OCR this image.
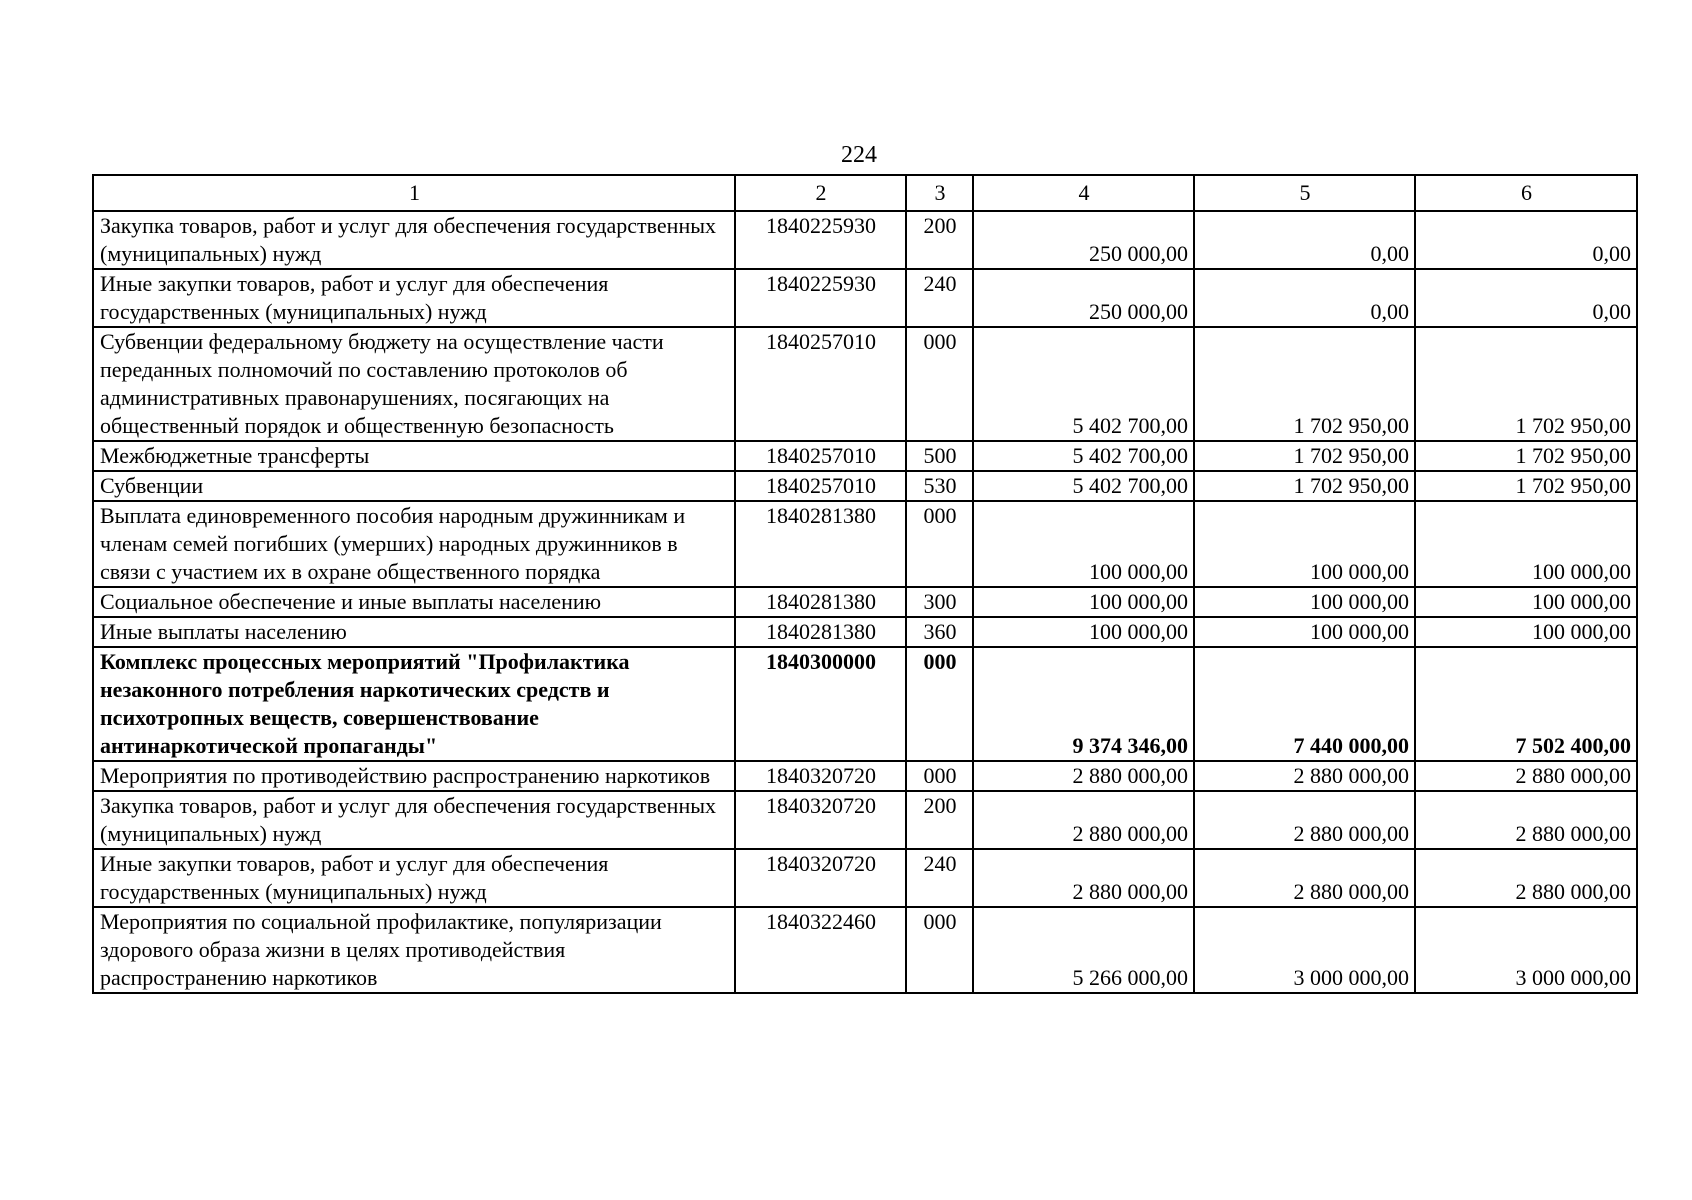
224
1	2	3	4	5	6
Закупка товаров, работ и услуг для обеспечения государственных (муниципальных) нужд	1840225930	200	250 000,00	0,00	0,00
Иные закупки товаров, работ и услуг для обеспечения государственных (муниципальных) нужд	1840225930	240	250 000,00	0,00	0,00
Субвенции федеральному бюджету на осуществление части переданных полномочий по составлению протоколов об административных правонарушениях, посягающих на общественный порядок и общественную безопасность	1840257010	000	5 402 700,00	1 702 950,00	1 702 950,00
Межбюджетные трансферты	1840257010	500	5 402 700,00	1 702 950,00	1 702 950,00
Субвенции	1840257010	530	5 402 700,00	1 702 950,00	1 702 950,00
Выплата единовременного пособия народным дружинникам и членам семей погибших (умерших) народных дружинников в связи с участием их в охране общественного порядка	1840281380	000	100 000,00	100 000,00	100 000,00
Социальное обеспечение и иные выплаты населению	1840281380	300	100 000,00	100 000,00	100 000,00
Иные выплаты населению	1840281380	360	100 000,00	100 000,00	100 000,00
Комплекс процессных мероприятий "Профилактика незаконного потребления наркотических средств и психотропных веществ, совершенствование антинаркотической пропаганды"	1840300000	000	9 374 346,00	7 440 000,00	7 502 400,00
Мероприятия по противодействию распространению наркотиков	1840320720	000	2 880 000,00	2 880 000,00	2 880 000,00
Закупка товаров, работ и услуг для обеспечения государственных (муниципальных) нужд	1840320720	200	2 880 000,00	2 880 000,00	2 880 000,00
Иные закупки товаров, работ и услуг для обеспечения государственных (муниципальных) нужд	1840320720	240	2 880 000,00	2 880 000,00	2 880 000,00
Мероприятия по социальной профилактике, популяризации здорового образа жизни в целях противодействия распространению наркотиков	1840322460	000	5 266 000,00	3 000 000,00	3 000 000,00
